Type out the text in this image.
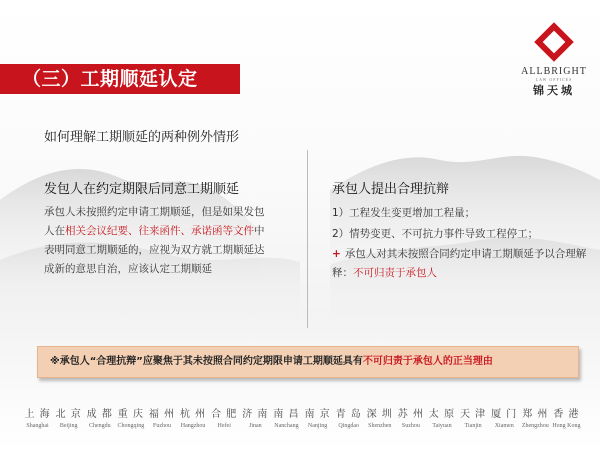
（三）工期顺延认定	ALLBRIGHT
LAW OFFICES
锦天城
如何理解工期顺延的两种例外情形
发包人在约定期限后同意工期顺延
承包人未按照约定申请工期顺延，但是如果发包人在相关会议纪要、往来函件、承诺函等文件中表明同意工期顺延的，应视为双方就工期顺延达成新的意思自治，应该认定工期顺延
承包人提出合理抗辩
1）工程发生变更增加工程量；
2）情势变更、不可抗力事件导致工程停工；
+ 承包人对其未按照合同约定申请工期顺延予以合理解释：不可归责于承包人
※承包人“合理抗辩”应聚焦于其未按照合同约定期限申请工期顺延具有不可归责于承包人的正当理由
上 海
Shanghai
北 京
Beijing
成 都
Chengdu
重 庆
Chongqing
福 州
Fuzhou
杭 州
Hangzhou
合 肥
Hefei
济 南
Jinan
南 昌
Nanchang
南 京
Nanjing
青 岛
Qingdao
深 圳
Shenzhen
苏 州
Suzhou
太 原
Taiyuan
天 津
Tianjin
厦 门
Xiamen
郑 州
Zhengzhou
香 港
Hong Kong
